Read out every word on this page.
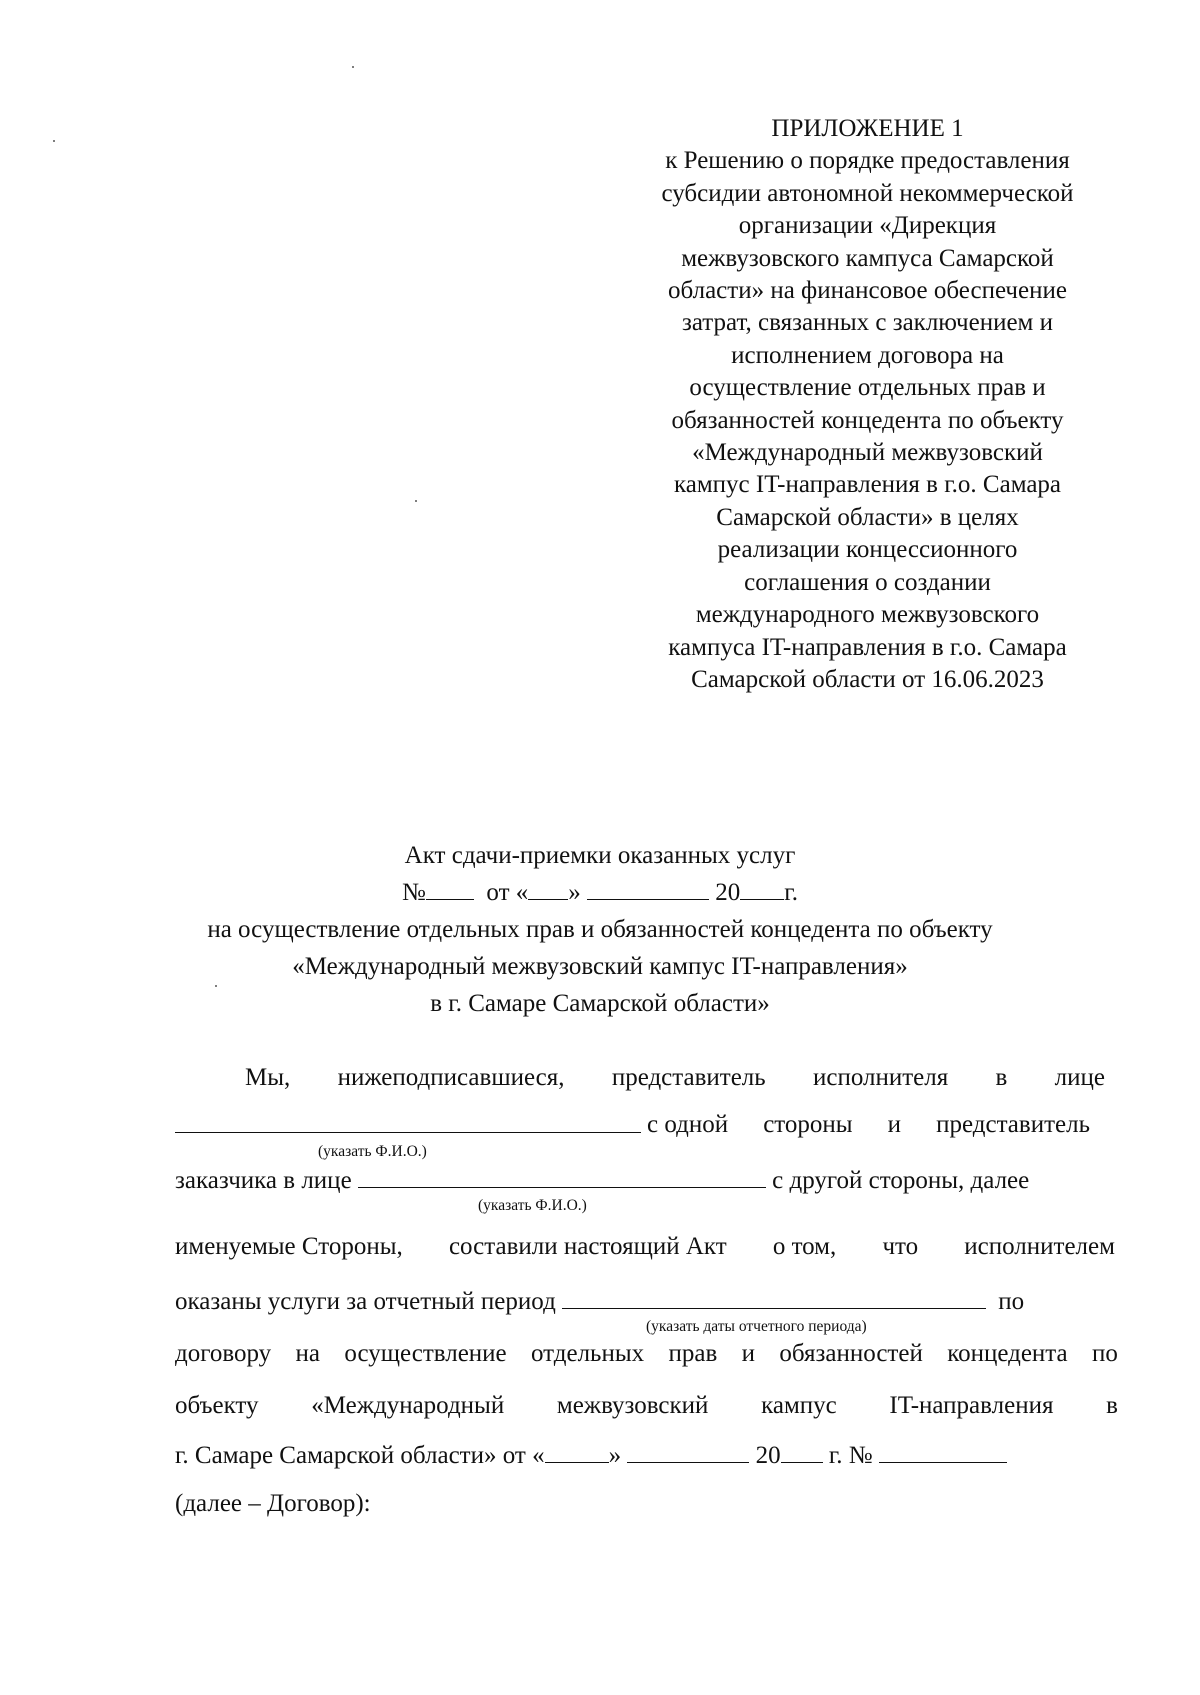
ПРИЛОЖЕНИЕ 1
к Решению о порядке предоставления
субсидии автономной некоммерческой
организации «Дирекция
межвузовского кампуса Самарской
области» на финансовое обеспечение
затрат, связанных с заключением и
исполнением договора на
осуществление отдельных прав и
обязанностей концедента по объекту
«Международный межвузовский
кампус IT-направления в г.о. Самара
Самарской области» в целях
реализации концессионного
соглашения о создании
международного межвузовского
кампуса IT-направления в г.о. Самара
Самарской области от 16.06.2023
Акт сдачи-приемки оказанных услуг
№ от « »	20 г.
на осуществление отдельных прав и обязанностей концедента по объекту
«Международный межвузовский кампус IT-направления»
в г. Самаре Самарской области»
Мы, нижеподписавшиеся, представитель исполнителя в лице
с одной стороны и представитель
(указать Ф.И.О.)
заказчика в лице	с другой стороны, далее
(указать Ф.И.О.)
именуемые Стороны, составили настоящий Акт о том, что исполнителем
оказаны услуги за отчетный период	по
(указать даты отчетного периода)
договору на осуществление отдельных прав и обязанностей концедента по
объекту «Международный межвузовский кампус IT-направления в
г. Самаре Самарской области» от «	»	20 г. №
(далее – Договор):
